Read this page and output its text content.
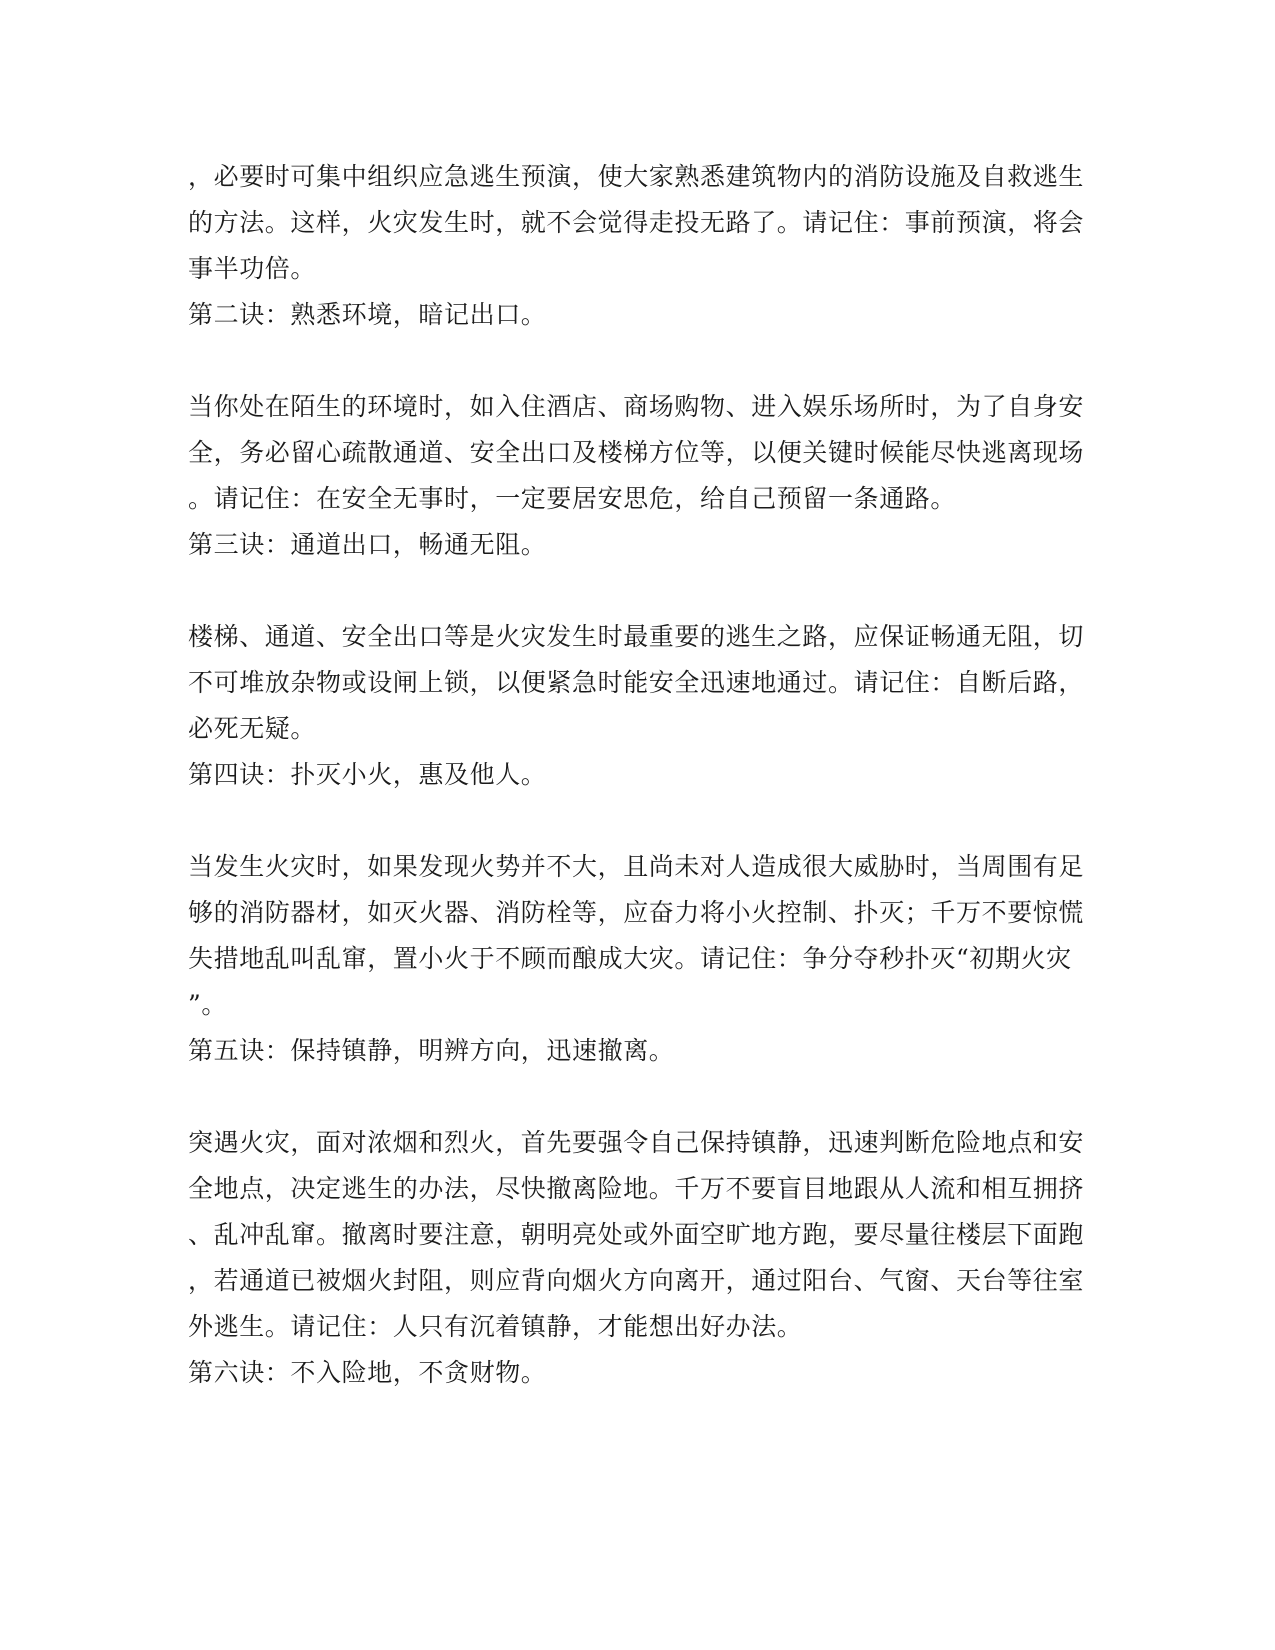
，必要时可集中组织应急逃生预演，使大家熟悉建筑物内的消防设施及自救逃生
的方法。这样，火灾发生时，就不会觉得走投无路了。请记住：事前预演，将会
事半功倍。
第二诀：熟悉环境，暗记出口。
当你处在陌生的环境时，如入住酒店、商场购物、进入娱乐场所时，为了自身安
全，务必留心疏散通道、安全出口及楼梯方位等，以便关键时候能尽快逃离现场
。请记住：在安全无事时，一定要居安思危，给自己预留一条通路。
第三诀：通道出口，畅通无阻。
楼梯、通道、安全出口等是火灾发生时最重要的逃生之路，应保证畅通无阻，切
不可堆放杂物或设闸上锁，以便紧急时能安全迅速地通过。请记住：自断后路，
必死无疑。
第四诀：扑灭小火，惠及他人。
当发生火灾时，如果发现火势并不大，且尚未对人造成很大威胁时，当周围有足
够的消防器材，如灭火器、消防栓等，应奋力将小火控制、扑灭；千万不要惊慌
失措地乱叫乱窜，置小火于不顾而酿成大灾。请记住：争分夺秒扑灭“初期火灾
”。
第五诀：保持镇静，明辨方向，迅速撤离。
突遇火灾，面对浓烟和烈火，首先要强令自己保持镇静，迅速判断危险地点和安
全地点，决定逃生的办法，尽快撤离险地。千万不要盲目地跟从人流和相互拥挤
、乱冲乱窜。撤离时要注意，朝明亮处或外面空旷地方跑，要尽量往楼层下面跑
，若通道已被烟火封阻，则应背向烟火方向离开，通过阳台、气窗、天台等往室
外逃生。请记住：人只有沉着镇静，才能想出好办法。
第六诀：不入险地，不贪财物。
